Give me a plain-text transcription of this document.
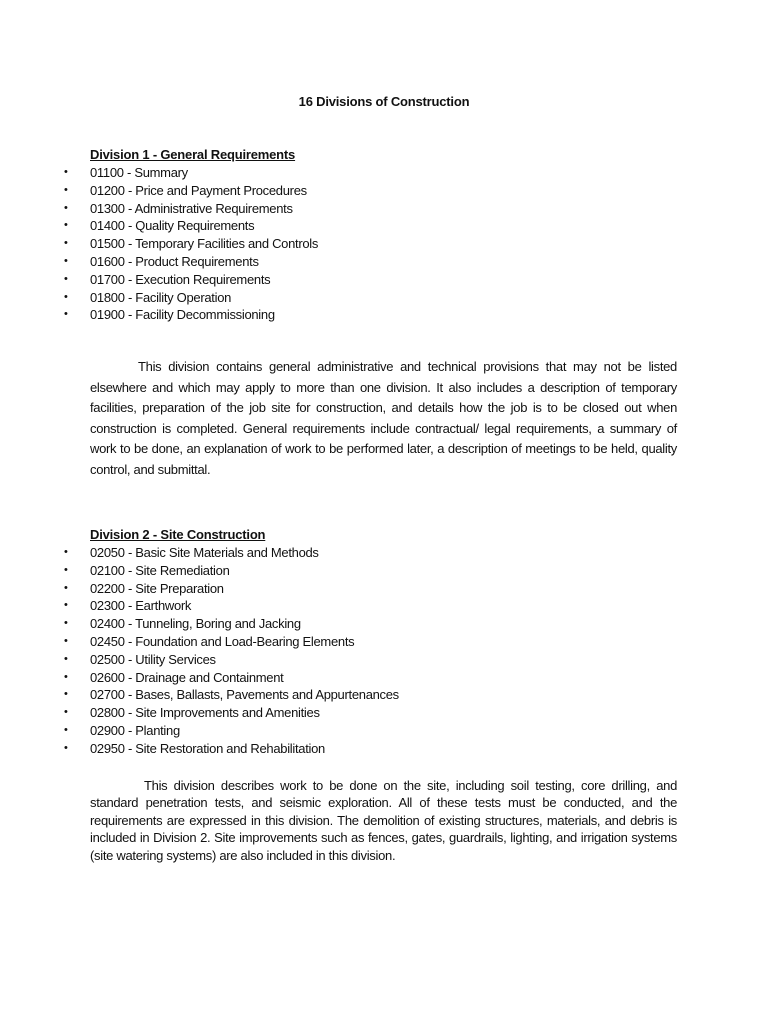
16 Divisions of Construction
Division 1 - General Requirements
• 01100 - Summary
• 01200 - Price and Payment Procedures
• 01300 - Administrative Requirements
• 01400 - Quality Requirements
• 01500 - Temporary Facilities and Controls
• 01600 - Product Requirements
• 01700 - Execution Requirements
• 01800 - Facility Operation
• 01900 - Facility Decommissioning

This division contains general administrative and technical provisions that may not be listed elsewhere and which may apply to more than one division. It also includes a description of temporary facilities, preparation of the job site for construction, and details how the job is to be closed out when construction is completed. General requirements include contractual/ legal requirements, a summary of work to be done, an explanation of work to be performed later, a description of meetings to be held, quality control, and submittal.

Division 2 - Site Construction
• 02050 - Basic Site Materials and Methods
• 02100 - Site Remediation
• 02200 - Site Preparation
• 02300 - Earthwork
• 02400 - Tunneling, Boring and Jacking
• 02450 - Foundation and Load-Bearing Elements
• 02500 - Utility Services
• 02600 - Drainage and Containment
• 02700 - Bases, Ballasts, Pavements and Appurtenances
• 02800 - Site Improvements and Amenities
• 02900 - Planting
• 02950 - Site Restoration and Rehabilitation

This division describes work to be done on the site, including soil testing, core drilling, and standard penetration tests, and seismic exploration. All of these tests must be conducted, and the requirements are expressed in this division. The demolition of existing structures, materials, and debris is included in Division 2. Site improvements such as fences, gates, guardrails, lighting, and irrigation systems (site watering systems) are also included in this division.
